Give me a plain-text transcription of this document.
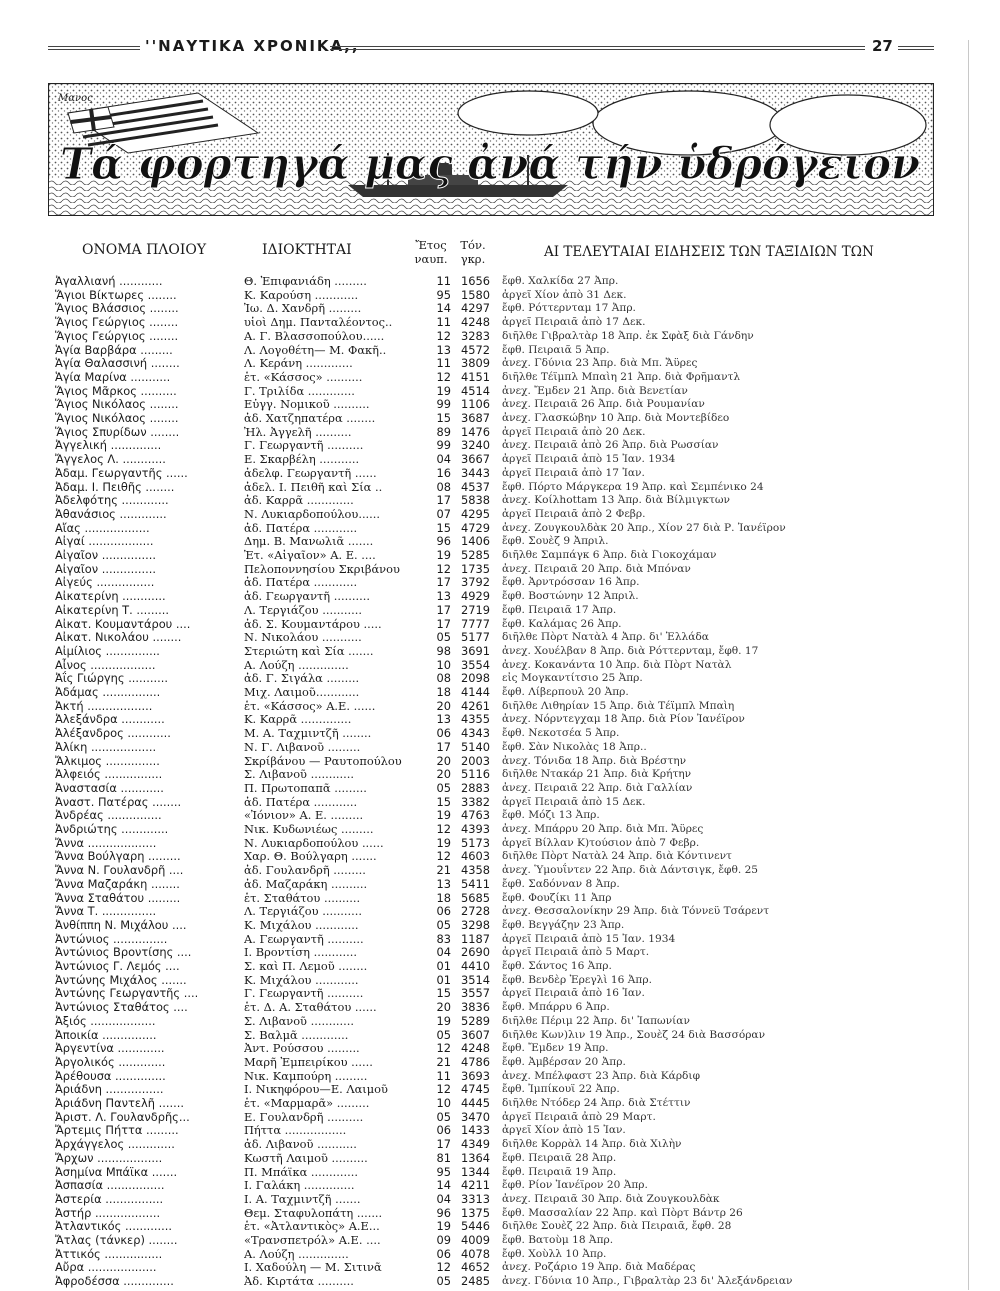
''ΝΑΥΤΙΚΑ ΧΡΟΝΙΚΑ,,	27
Τά φορτηγά μας ἀνά τήν ὑδρόγειον
Μανος
ΟΝΟΜΑ ΠΛΟΙΟΥ	ΙΔΙΟΚΤΗΤΑΙ	Ἔτος
ναυπ.
Τόν.
γκρ.	ΑΙ ΤΕΛΕΥΤΑΙΑΙ ΕΙΔΗΣΕΙΣ ΤΩΝ ΤΑΞΙΔΙΩΝ ΤΩΝ
Ἀγαλλιανή ............	Θ. Ἐπιφανιάδη .........	11 1656 ἔφθ. Χαλκίδα 27 Ἀπρ.
Ἅγιοι Βίκτωρες ........	Κ. Καρούση ............	95 1580 ἀργεῖ Χίον ἀπὸ 31 Δεκ.
Ἅγιος Βλάσσιος ........	Ἰω. Δ. Χανδρῆ .........	14 4297 ἔφθ. Ρόττερνταμ 17 Ἀπρ.
Ἅγιος Γεώργιος ........	υἱοὶ Δημ. Πανταλέοντος..	11 4248 ἀργεῖ Πειραιᾶ ἀπὸ 17 Δεκ.
Ἅγιος Γεώργιος ........	Α. Γ. Βλασσοπούλου......	12 3283 διῆλθε Γιβραλτὰρ 18 Ἀπρ. ἐκ Σφὰξ διὰ Γάνδην
Ἁγία Βαρβάρα .........	Λ. Λογοθέτη— Μ. Φακῆ..	13 4572 ἔφθ. Πειραιᾶ 5 Ἀπρ.
Ἁγία Θαλασσινή ........	Λ. Κεράνη .............	11 3809 ἀνεχ. Γδύνια 23 Ἀπρ. διὰ Μπ. Ἄϋρες
Ἁγία Μαρίνα ...........	ἑτ. «Κάσσος» ..........	12 4151 διῆλθε Τέϊμπλ Μπαὶη 21 Ἀπρ. διὰ Φρῆμαντλ
Ἅγιος Μᾶρκος ..........	Γ. Τριλίδα .............	19 4514 ἀνεχ. Ἔμδεν 21 Ἀπρ. διὰ Βενετίαν
Ἅγιος Νικόλαος ........	Εὐγγ. Νομικοῦ ..........	99 1106 ἀνεχ. Πειραιᾶ 26 Ἀπρ. διὰ Ρουμανίαν
Ἅγιος Νικόλαος ........	ἀδ. Χατζηπατέρα ........	15 3687 ἀνεχ. Γλασκώβην 10 Ἀπρ. διὰ Μοντεβίδεο
Ἅγιος Σπυρίδων ........	Ἠλ. Ἀγγελῆ ..........	89 1476 ἀργεῖ Πειραιᾶ ἀπὸ 20 Δεκ.
Ἀγγελική ..............	Γ. Γεωργαντῆ ..........	99 3240 ἀνεχ. Πειραιᾶ ἀπὸ 26 Ἀπρ. διὰ Ρωσσίαν
Ἄγγελος Λ. ............	Ε. Σκαρβέλη ...........	04 3667 ἀργεῖ Πειραιᾶ ἀπὸ 15 Ἰαν. 1934
Ἀδαμ. Γεωργαντῆς ......	ἀδελφ. Γεωργαντῆ ......	16 3443 ἀργεῖ Πειραιᾶ ἀπὸ 17 Ἰαν.
Ἀδαμ. Ι. Πειθῆς ........	ἀδελ. Ι. Πειθῆ καὶ Σία ..	08 4537 ἔφθ. Πόρτο Μάργκερα 19 Ἀπρ. καὶ Σεμπένικο 24
Ἀδελφότης .............	ἀδ. Καρρᾶ .............	17 5838 ἀνεχ. Κοίλhottam 13 Ἀπρ. διὰ Βίλμιγκτων
Ἀθανάσιος .............	Ν. Λυκιαρδοπούλου......	07 4295 ἀργεῖ Πειραιᾶ ἀπὸ 2 Φεβρ.
Αἴας ..................	ἀδ. Πατέρα ............	15 4729 ἀνεχ. Ζουγκουλδὰκ 20 Ἀπρ., Χίον 27 διὰ Ρ. Ἰανέϊρον
Αἰγαί ..................	Δημ. Β. Μανωλιᾶ .......	96 1406 ἔφθ. Σουὲζ 9 Ἀπριλ.
Αἰγαῖον ...............	Ἐτ. «Αἰγαῖον» Α. Ε. ....	19 5285 διῆλθε Σαμπάγκ 6 Ἀπρ. διὰ Γιοκοχάμαν
Αἰγαῖον ...............	Πελοποννησίου Σκριβάνου	12 1735 ἀνεχ. Πειραιᾶ 20 Ἀπρ. διὰ Μπόναν
Αἰγεύς ................	ἀδ. Πατέρα ............	17 3792 ἔφθ. Ἀρντρόσσαν 16 Ἀπρ.
Αἰκατερίνη ............	ἀδ. Γεωργαντῆ ..........	13 4929 ἔφθ. Βοστώνην 12 Ἀπριλ.
Αἰκατερίνη Τ. .........	Λ. Τεργιάζου ...........	17 2719 ἔφθ. Πειραιᾶ 17 Ἀπρ.
Αἰκατ. Κουμαντάρου ....	ἀδ. Σ. Κουμαντάρου .....	17 7777 ἔφθ. Καλάμας 26 Ἀπρ.
Αἰκατ. Νικολάου ........	Ν. Νικολάου ...........	05 5177 διῆλθε Πὸρτ Νατὰλ 4 Ἀπρ. δι' Ἑλλάδα
Αἰμίλιος ...............	Στεριώτη καὶ Σία .......	98 3691 ἀνεχ. Χουέλβαν 8 Ἀπρ. διὰ Ρόττερνταμ, ἔφθ. 17
Αἶνος ..................	Α. Λούζη ..............	10 3554 ἀνεχ. Κοκανάντα 10 Ἀπρ. διὰ Πὸρτ Νατὰλ
Ἀΐς Γιώργης ...........	ἀδ. Γ. Σιγάλα .........	08 2098 εἰς Μογκαντίτσιο 25 Ἀπρ.
Ἀδάμας ................	Μιχ. Λαιμοῦ............	18 4144 ἔφθ. Λίβερπουλ 20 Ἀπρ.
Ἀκτή ..................	ἑτ. «Κάσσος» Α.Ε. ......	20 4261 διῆλθε Λιθηρίαν 15 Ἀπρ. διὰ Τέϊμπλ Μπαὶη
Ἀλεξάνδρα ............	Κ. Καρρᾶ ..............	13 4355 ἀνεχ. Νόρντεγχαμ 18 Ἀπρ. διὰ Ρίον Ἰανέϊρον
Ἀλέξανδρος ............	Μ. Α. Ταχμιντζῆ ........	06 4343 ἔφθ. Νεκοτσέα 5 Ἀπρ.
Ἀλίκη ..................	Ν. Γ. Λιβανοῦ .........	17 5140 ἔφθ. Σὰν Νικολὰς 18 Ἀπρ..
Ἄλκιμος ...............	Σκρίβάνου — Ραυτοπούλου	20 2003 ἀνεχ. Τόνιδα 18 Ἀπρ. διὰ Βρέστην
Ἀλφειός ................	Σ. Λιβανοῦ ............	20 5116 διῆλθε Ντακάρ 21 Ἀπρ. διὰ Κρήτην
Ἀναστασία ............	Π. Πρωτοπαπᾶ .........	05 2883 ἀνεχ. Πειραιᾶ 22 Ἀπρ. διὰ Γαλλίαν
Ἀναστ. Πατέρας ........	ἀδ. Πατέρα ............	15 3382 ἀργεῖ Πειραιᾶ ἀπὸ 15 Δεκ.
Ἀνδρέας ...............	«Ἰόνιον» Α. Ε. .........	19 4763 ἔφθ. Μόζι 13 Ἀπρ.
Ἀνδριώτης .............	Νικ. Κυδωνιέως .........	12 4393 ἀνεχ. Μπάρρυ 20 Ἀπρ. διὰ Μπ. Ἄϋρες
Ἄννα ...................	Ν. Λυκιαρδοπούλου ......	19 5173 ἀργεῖ Βίλλαν Κ)τούσιον ἀπὸ 7 Φεβρ.
Ἄννα Βούλγαρη .........	Χαρ. Θ. Βούλγαρη .......	12 4603 διῆλθε Πὸρτ Νατὰλ 24 Ἀπρ. διὰ Κόντινεντ
Ἄννα Ν. Γουλανδρῆ ....	ἀδ. Γουλανδρῆ .........	21 4358 ἀνεχ. Ὑμουΐντεν 22 Ἀπρ. διὰ Δάντσιγκ, ἔφθ. 25
Ἄννα Μαζαράκη ........	ἀδ. Μαζαράκη ..........	13 5411 ἔφθ. Σαδόνναν 8 Ἀπρ.
Ἄννα Σταθάτου .........	ἑτ. Σταθάτου ..........	18 5685 ἔφθ. Φουζίκι 11 Ἀπρ
Ἄννα Τ. ...............	Λ. Τεργιάζου ...........	06 2728 ἀνεχ. Θεσσαλονίκην 29 Ἀπρ. διὰ Τόννεϋ Τσάρεντ
Ἀνθίππη Ν. Μιχάλου ....	Κ. Μιχάλου ............	05 3298 ἔφθ. Βεγγάζην 23 Ἀπρ.
Ἀντώνιος ...............	Α. Γεωργαντῆ ..........	83 1187 ἀργεῖ Πειραιᾶ ἀπὸ 15 Ἰαν. 1934
Ἀντώνιος Βροντίσης ....	Ι. Βροντίση ............	04 2690 ἀργεῖ Πειραιᾶ ἀπὸ 5 Μαρτ.
Ἀντώνιος Γ. Λεμός ....	Σ. καὶ Π. Λεμοῦ ........	01 4410 ἔφθ. Σάντος 16 Ἀπρ.
Ἀντώνης Μιχάλος .......	Κ. Μιχάλου ............	01 3514 ἔφθ. Βενδὲρ Ἐρεγλὶ 16 Ἀπρ.
Ἀντώνης Γεωργαντῆς ....	Γ. Γεωργαντῆ ..........	15 3557 ἀργεῖ Πειραιᾶ ἀπὸ 16 Ἰαν.
Ἀντώνιος Σταθάτος ....	ἑτ. Δ. Α. Σταθάτου ......	20 3836 ἔφθ. Μπάρρυ 6 Ἀπρ.
Ἀξιός ..................	Σ. Λιβανοῦ ............	19 5289 διῆλθε Πέριμ 22 Ἀπρ. δι' Ἰαπωνίαν
Ἀποικία ...............	Σ. Βαλμᾶ .............	05 3607 διῆλθε Κων)λιν 19 Ἀπρ., Σουὲζ 24 διὰ Βασσόραν
Ἀργεντίνα .............	Ἀντ. Ρούσσου .........	12 4248 ἔφθ. Ἔμδεν 19 Ἀπρ.
Ἀργολικός .............	Μαρῆ Ἐμπειρίκου ......	21 4786 ἔφθ. Ἀμβέρσαν 20 Ἀπρ.
Ἀρέθουσα ..............	Νικ. Καμπούρη .........	11 3693 ἀνεχ. Μπέλφαστ 23 Ἀπρ. διὰ Κάρδιφ
Ἀριάδνη ................	Ι. Νικηφόρου—Ε. Λαιμοῦ	12 4745 ἔφθ. Ἰμπίκουϊ 22 Ἀπρ.
Ἀριάδνη Παντελῆ .......	ἑτ. «Μαρμαρᾶ» .........	10 4445 διῆλθε Ντόδερ 24 Ἀπρ. διὰ Στέττιν
Ἀριστ. Λ. Γουλανδρῆς...	Ε. Γουλανδρῆ ..........	05 3470 ἀργεῖ Πειραιᾶ ἀπὸ 29 Μαρτ.
Ἄρτεμις Πήττα .........	Πήττα .................	06 1433 ἀργεῖ Χίον ἀπὸ 15 Ἰαν.
Ἀρχάγγελος .............	ἀδ. Λιβανοῦ ...........	17 4349 διῆλθε Κορρὰλ 14 Ἀπρ. διὰ Χιλὴν
Ἄρχων ..................	Κωστῆ Λαιμοῦ ..........	81 1364 ἔφθ. Πειραιᾶ 28 Ἀπρ.
Ἀσημίνα Μπάϊκα .......	Π. Μπάϊκα .............	95 1344 ἔφθ. Πειραιᾶ 19 Ἀπρ.
Ἀσπασία ................	Ι. Γαλάκη ..............	14 4211 ἔφθ. Ρίον Ἰανέϊρον 20 Ἀπρ.
Ἀστερία ................	Ι. Α. Ταχμιντζῆ .......	04 3313 ἀνεχ. Πειραιᾶ 30 Ἀπρ. διὰ Ζουγκουλδὰκ
Ἀστήρ ..................	Θεμ. Σταφυλοπάτη .......	96 1375 ἔφθ. Μασσαλίαν 22 Ἀπρ. καὶ Πὸρτ Βάντρ 26
Ἀτλαντικός .............	ἑτ. «Ἀτλαντικὸς» Α.Ε...	19 5446 διῆλθε Σουὲζ 22 Ἀπρ. διὰ Πειραιᾶ, ἔφθ. 28
Ἄτλας (τάνκερ) ........	«Τρανσπετρόλ» Α.Ε. ....	09 4009 ἔφθ. Βατοὺμ 18 Ἀπρ.
Ἀττικός ................	Α. Λούζη ..............	06 4078 ἔφθ. Χοὺλλ 10 Ἀπρ.
Αὔρα ...................	Ι. Χαδούλη — Μ. Σιτινᾶ	12 4652 ἀνεχ. Ροζάριο 19 Ἀπρ. διὰ Μαδέρας
Ἀφροδέσσα ..............	Ἀδ. Κιρτάτα ..........	05 2485 ἀνεχ. Γδύνια 10 Ἀπρ., Γιβραλτὰρ 23 δι' Ἀλεξάνδρειαν
